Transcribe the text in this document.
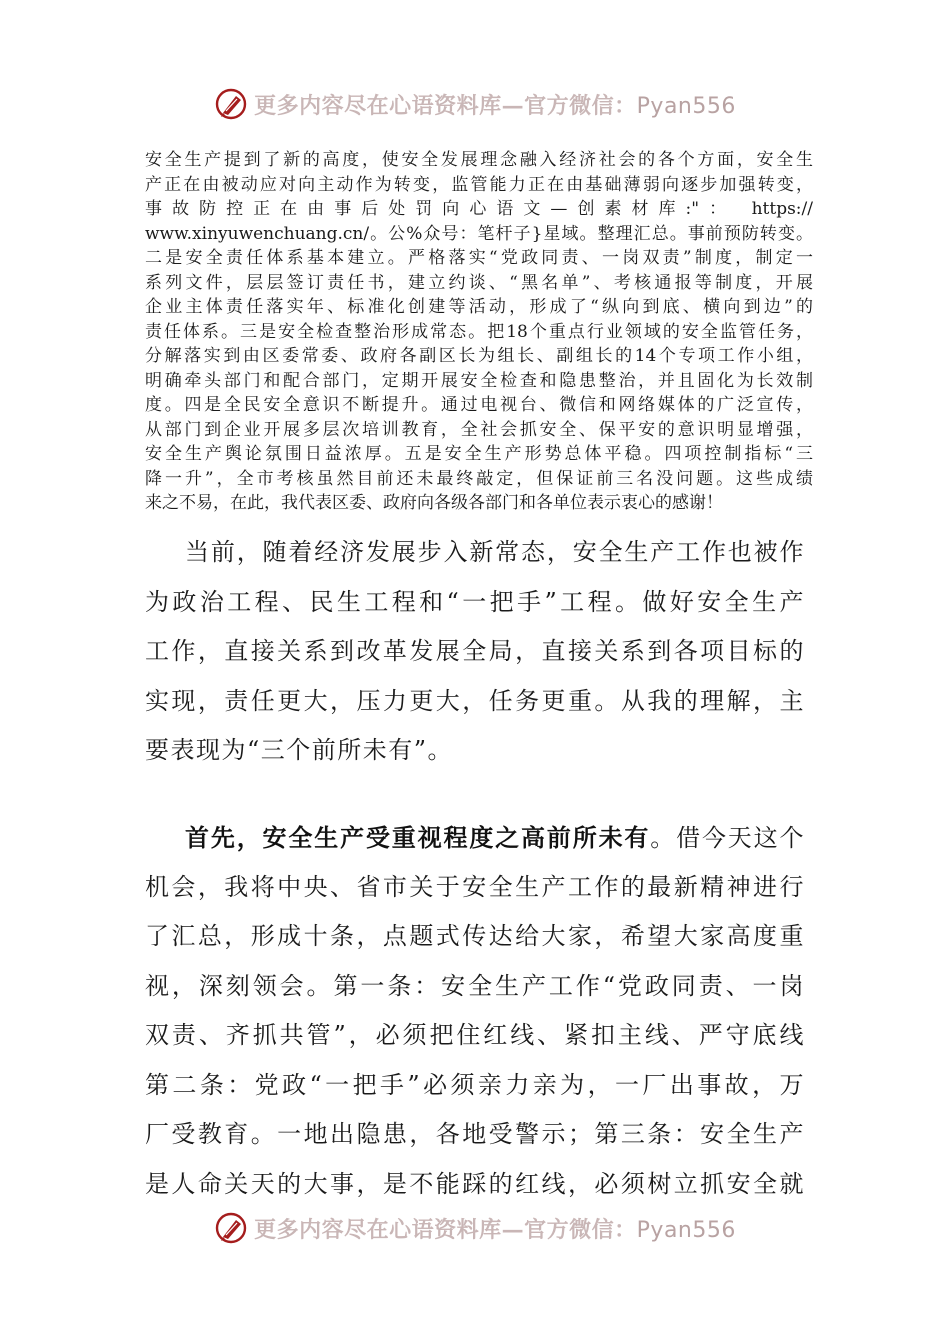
更多内容尽在心语资料库—官方微信：Pyan556
安全生产提到了新的高度，使安全发展理念融入经济社会的各个方面，安全生
产正在由被动应对向主动作为转变，监管能力正在由基础薄弱向逐步加强转变，
事故防控正在由事后处罚向心语文—创素材库:"： https://
www.xinyuwenchuang.cn/。公%众号：笔杆子}星域。整理汇总。事前预防转变。
二是安全责任体系基本建立。严格落实“党政同责、一岗双责”制度，制定一
系列文件，层层签订责任书，建立约谈、“黑名单”、考核通报等制度，开展
企业主体责任落实年、标准化创建等活动，形成了“纵向到底、横向到边”的
责任体系。三是安全检查整治形成常态。把18个重点行业领域的安全监管任务，
分解落实到由区委常委、政府各副区长为组长、副组长的14个专项工作小组，
明确牵头部门和配合部门，定期开展安全检查和隐患整治，并且固化为长效制
度。四是全民安全意识不断提升。通过电视台、微信和网络媒体的广泛宣传，
从部门到企业开展多层次培训教育，全社会抓安全、保平安的意识明显增强，
安全生产舆论氛围日益浓厚。五是安全生产形势总体平稳。四项控制指标“三
降一升”，全市考核虽然目前还未最终敲定，但保证前三名没问题。这些成绩
来之不易，在此，我代表区委、政府向各级各部门和各单位表示衷心的感谢！
当前，随着经济发展步入新常态，安全生产工作也被作
为政治工程、民生工程和“一把手”工程。做好安全生产
工作，直接关系到改革发展全局，直接关系到各项目标的
实现，责任更大，压力更大，任务更重。从我的理解，主
要表现为“三个前所未有”。
首先，安全生产受重视程度之高前所未有。借今天这个
机会，我将中央、省市关于安全生产工作的最新精神进行
了汇总，形成十条，点题式传达给大家，希望大家高度重
视，深刻领会。第一条：安全生产工作“党政同责、一岗
双责、齐抓共管”，必须把住红线、紧扣主线、严守底线
第二条：党政“一把手”必须亲力亲为，一厂出事故，万
厂受教育。一地出隐患，各地受警示；第三条：安全生产
是人命关天的大事，是不能踩的红线，必须树立抓安全就
更多内容尽在心语资料库—官方微信：Pyan556
